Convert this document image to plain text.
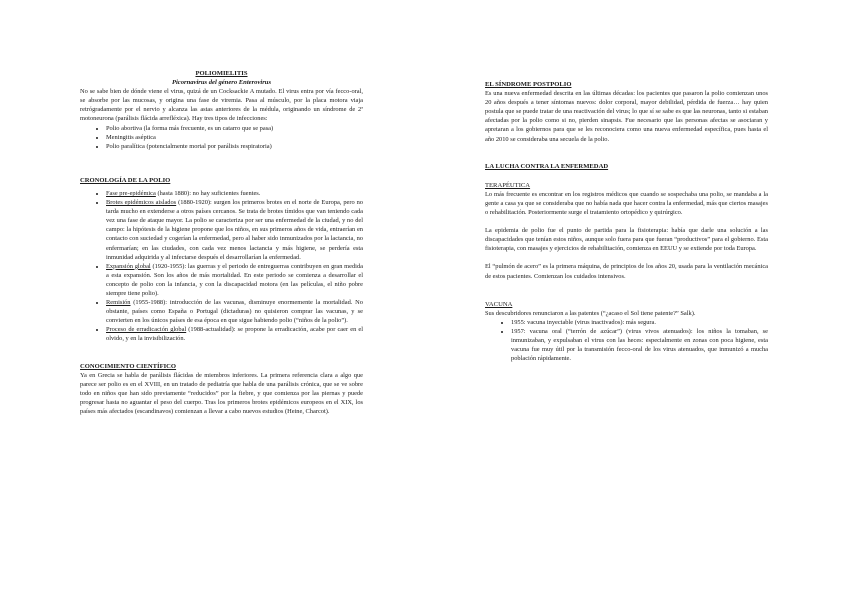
POLIOMIELITIS

Picornavirus del género Enterovirus

No se sabe bien de dónde viene el virus, quizá de un Cocksackie A mutado. El virus entra por vía fecco-oral, se absorbe por las mucosas, y origina una fase de viremia. Pasa al músculo, por la placa motora viaja retrógradamente por el nervio y alcanza las astas anteriores de la médula, originando un síndrome de 2ª motoneurona (parálisis flácida arrefléxica). Hay tres tipos de infecciones:

• Polio abortiva (la forma más frecuente, es un catarro que se pasa)
• Meningitis aséptica
• Polio paralítica (potencialmente mortal por parálisis respiratoria)
CRONOLOGÍA DE LA POLIO
• Fase pre-epidémica (hasta 1880): no hay suficientes fuentes.
• Brotes epidémicos aislados (1880-1920): surgen los primeros brotes en el norte de Europa, pero no tarda mucho en extenderse a otros países cercanos. Se trata de brotes tímidos que van teniendo cada vez una fase de ataque mayor. La polio se caracteriza por ser una enfermedad de la ciudad, y no del campo: la hipótesis de la higiene propone que los niños, en sus primeros años de vida, entraerían en contacto con suciedad y cogerían la enfermedad, pero al haber sido inmunizados por la lactancia, no enfermarían; en las ciudades, con cada vez menos lactancia y más higiene, se perdería esta inmunidad adquirida y al infectarse después el desarrollarían la enfermedad.
• Expansión global (1920-1955): las guerras y el periodo de entreguerras contribuyen en gran medida a esta expansión. Son los años de más mortalidad. En este periodo se comienza a desarrollar el concepto de polio con la infancia, y con la discapacidad motora (en las películas, el niño pobre siempre tiene polio).
• Remisión (1955-1988): introducción de las vacunas, disminuye enormemente la mortalidad. No obstante, países como España o Portugal (dictaduras) no quisieron comprar las vacunas, y se convierten en los únicos países de esa época en que sigue habiendo polio (“niños de la polio”).
• Proceso de erradicación global (1988-actualidad): se propone la erradicación, acabe por caer en el olvido, y en la invisibilización.
CONOCIMIENTO CIENTÍFICO

Ya en Grecia se habla de parálisis flácidas de miembros inferiores. La primera referencia clara a algo que parece ser polio es en el XVIII, en un tratado de pediatría que habla de una parálisis crónica, que se ve sobre todo en niños que han sido previamente “reducidos” por la fiebre, y que comienza por las piernas y puede progresar hasta no aguantar el peso del cuerpo. Tras los primeros brotes epidémicos europeos en el XIX, los países más afectados (escandinavos) comienzan a llevar a cabo nuevos estudios (Heine, Charcot).

EL SÍNDROME POSTPOLIO

Es una nueva enfermedad descrita en las últimas décadas: los pacientes que pasaron la polio comienzan unos 20 años después a tener síntomas nuevos: dolor corporal, mayor debilidad, pérdida de fuerza… hay quien postula que se puede tratar de una reactivación del virus; lo que sí se sabe es que las neuronas, tanto si estaban afectadas por la polio como si no, pierden sinapsis. Fue necesario que las personas afectas se asociaran y apretaran a los gobiernos para que se les reconociera como una nueva enfermedad específica, pues hasta el año 2010 se consideraba una secuela de la polio.

LA LUCHA CONTRA LA ENFERMEDAD
TERAPÉUTICA

Lo más frecuente es encontrar en los registros médicos que cuando se sospechaba una polio, se mandaba a la gente a casa ya que se consideraba que no había nada que hacer contra la enfermedad, más que ciertos masajes o rehabilitación. Posteriormente surge el tratamiento ortopédico y quirúrgico.

La epidemia de polio fue el punto de partida para la fisioterapia: había que darle una solución a las discapacidades que tenían estos niños, aunque solo fuera para que fueran “productivos” para el gobierno. Esta fisioterapia, con masajes y ejercicios de rehabilitación, comienza en EEUU y se extiende por toda Europa.

El “pulmón de acero” es la primera máquina, de principios de los años 20, usada para la ventilación mecánica de estos pacientes. Comienzan los cuidados intensivos.

VACUNA

Sus descubridores renunciaron a las patentes (“¿acaso el Sol tiene patente?” Salk).

• 1955: vacuna inyectable (virus inactivados): más segura.
• 1957: vacuna oral (“terrón de azúcar”) (virus vivos atenuados): los niños la tomaban, se inmunizaban, y expulsaban el virus con las heces: especialmente en zonas con poca higiene, esta vacuna fue muy útil por la transmisión fecco-oral de los virus atenuados, que inmunizó a mucha población rápidamente.
